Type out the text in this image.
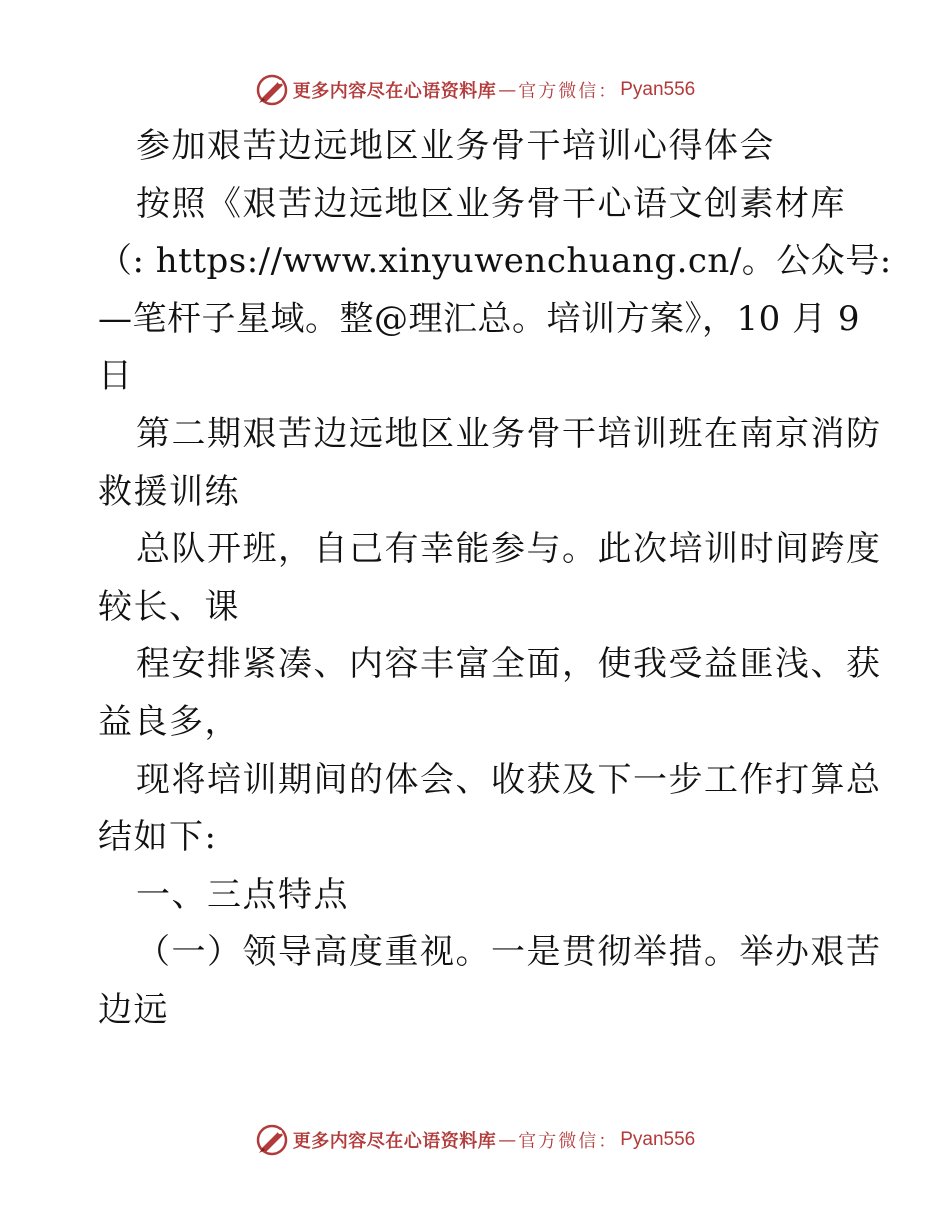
更多内容尽在心语资料库 — 官方微信： Pyan556
参加艰苦边远地区业务骨干培训心得体会
按照《艰苦边远地区业务骨干心语文创素材库
（: https://www.xinyuwenchuang.cn/。公众号:
—笔杆子星域。整@理汇总。培训方案》，10 月 9
日
第二期艰苦边远地区业务骨干培训班在南京消防
救援训练
总队开班，自己有幸能参与。此次培训时间跨度
较长、课
程安排紧凑、内容丰富全面，使我受益匪浅、获
益良多，
现将培训期间的体会、收获及下一步工作打算总
结如下:
一、三点特点
（一）领导高度重视。一是贯彻举措。举办艰苦
边远
更多内容尽在心语资料库 — 官方微信： Pyan556
